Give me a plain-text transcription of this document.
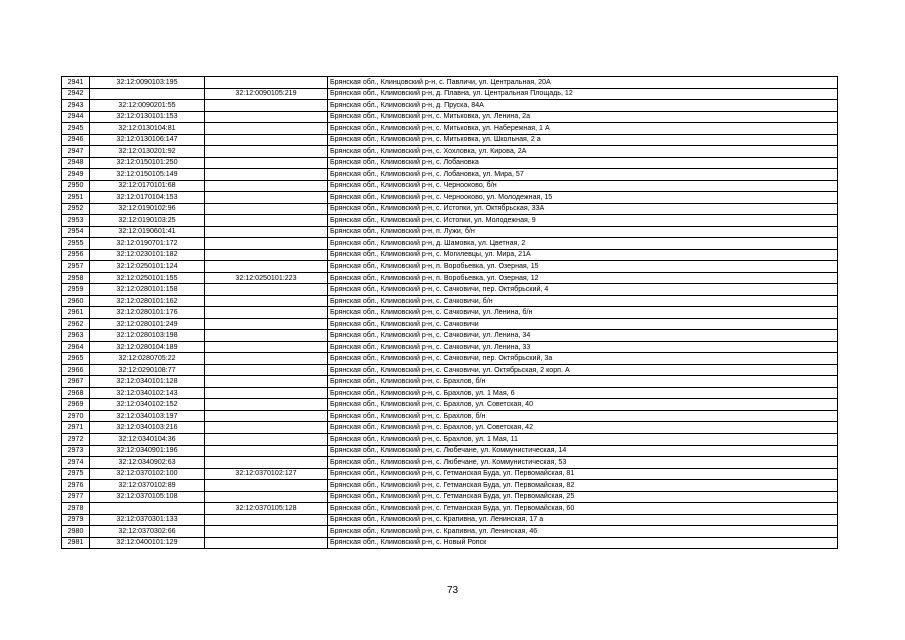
2941	32:12:0090103:195		Брянская обл., Клинцовский р-н, с. Павличи, ул. Центральная, 20А
2942		32:12:0090105:219	Брянская обл., Климовский р-н, д. Плавна, ул. Центральная Площадь, 12
2943	32:12:0090201:55		Брянская обл., Климовский р-н, д. Пруска, 84А
2944	32:12:0130101:153		Брянская обл., Климовский р-н, с. Митьковка, ул. Ленина, 2а
2945	32:12:0130104:81		Брянская обл., Климовский р-н, с. Митьковка, ул. Набережная, 1 А
2946	32:12:0130106:147		Брянская обл., Климовский р-н, с. Митьковка, ул. Школьная, 2 а
2947	32:12:0130201:92		Брянская обл., Климовский р-н, с. Хохловка, ул. Кирова, 2А
2948	32:12:0150101:250		Брянская обл., Климовский р-н, с. Лобановка
2949	32:12:0150105:149		Брянская обл., Климовский р-н, с. Лобановка, ул. Мира, 57
2950	32:12:0170101:68		Брянская обл., Климовский р-н, с. Чернооково, б/н
2951	32:12:0170104:153		Брянская обл., Климовский р-н, с. Чернооково, ул. Молодежная, 15
2952	32:12:0190102:96		Брянская обл., Климовский р-н, с. Истопки, ул. Октябрьская, 33А
2953	32:12:0190103:25		Брянская обл., Климовский р-н, с. Истопки, ул. Молодежная, 9
2954	32:12:0190601:41		Брянская обл., Климовский р-н, п. Лужи, б/н
2955	32:12:0190701:172		Брянская обл., Климовский р-н, д. Шамовка, ул. Цветная, 2
2956	32:12:0230101:182		Брянская обл., Климовский р-н, с. Могилевцы, ул. Мира, 21А
2957	32:12:0250101:124		Брянская обл., Климовский р-н, п. Воробьевка, ул. Озерная, 15
2958	32:12:0250101:155	32:12:0250101:223	Брянская обл., Климовский р-н, п. Воробьевка, ул. Озерная, 12
2959	32:12:0280101:158		Брянская обл., Климовский р-н, с. Сачковичи, пер. Октябрьский, 4
2960	32:12:0280101:162		Брянская обл., Климовский р-н, с. Сачковичи, б/н
2961	32:12:0280101:176		Брянская обл., Климовский р-н, с. Сачковичи, ул. Ленина, б/н
2962	32:12:0280101:249		Брянская обл., Климовский р-н, с. Сачковичи
2963	32:12:0280103:198		Брянская обл., Климовский р-н, с. Сачковичи, ул. Ленина, 34
2964	32:12:0280104:189		Брянская обл., Климовский р-н, с. Сачковичи, ул. Ленина, 33
2965	32:12:0280705:22		Брянская обл., Климовский р-н, с. Сачковичи, пер. Октябрьский, 3а
2966	32:12:0290108:77		Брянская обл., Климовский р-н, с. Сачковичи, ул. Октябрьская, 2 корп. А
2967	32:12:0340101:128		Брянская обл., Климовский р-н, с. Брахлов, б/н
2968	32:12:0340102:143		Брянская обл., Климовский р-н, с. Брахлов, ул. 1 Мая, 6
2969	32:12:0340102:152		Брянская обл., Климовский р-н, с. Брахлов, ул. Советская, 40
2970	32:12:0340103:197		Брянская обл., Климовский р-н, с. Брахлов, б/н
2971	32:12:0340103:216		Брянская обл., Климовский р-н, с. Брахлов, ул. Советская, 42
2972	32:12:0340104:36		Брянская обл., Климовский р-н, с. Брахлов, ул. 1 Мая, 11
2973	32:12:0340901:196		Брянская обл., Климовский р-н, с. Любечане, ул. Коммунистическая, 14
2974	32:12:0340902:63		Брянская обл., Климовский р-н, с. Любечане, ул. Коммунистическая, 53
2975	32:12:0370102:100	32:12:0370102:127	Брянская обл., Климовский р-н, с. Гетманская Буда, ул. Первомайская, 81
2976	32:12:0370102:89		Брянская обл., Климовский р-н, с. Гетманская Буда, ул. Первомайская, 82
2977	32:12:0370105:108		Брянская обл., Климовский р-н, с. Гетманская Буда, ул. Первомайская, 25
2978		32:12:0370105:128	Брянская обл., Климовский р-н, с. Гетманская Буда, ул. Первомайская, 60
2979	32:12:0370301:133		Брянская обл., Климовский р-н, с. Крапивна, ул. Ленинская, 17 а
2980	32:12:0370302:66		Брянская обл., Климовский р-н, с. Крапивна, ул. Ленинская, 46
2981	32:12:0400101:129		Брянская обл., Климовский р-н, с. Новый Ропск
73
